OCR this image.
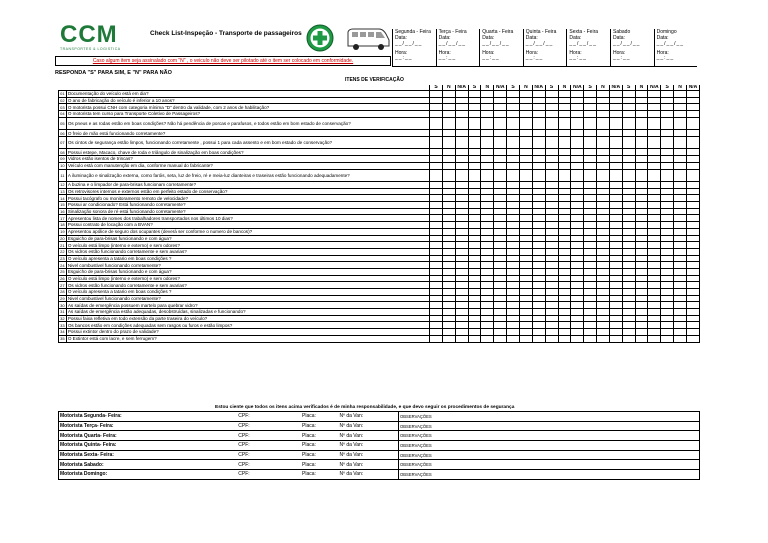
CCM
TRANSPORTES & LOGISTICA
Check List-Inspeção - Transporte de passageiros
Caso algum item seja assinalado com "N" , o veiculo não deve ser pilotado até o item ser colocado em conformidade.
Segunda - Feira
Data:
__/__/__
Hora:
__:__
Terça - Feira
Data:
__/__/__
Hora:
__:__
Quarta - Feira
Data:
__/__/__
Hora:
__:__
Quinta - Feira
Data:
__/__/__
Hora:
__:__
Sexta - Feira
Data:
__/__/__
Hora:
__:__
Sabado
Data:
__/__/__
Hora:
__:__
Domingo
Data:
__/__/__
Hora:
__:__
RESPONDA "S" PARA SIM, E "N" PARA NÃO
ITENS DE VERIFICAÇÃO
		S	N	N/A	S	N	N/A	S	N	N/A	S	N	N/A	S	N	N/A	S	N	N/A	S	N	N/A
01	Documentação do veículo está em dia?																					
02	O ano de fabricação do veículo é inferior a 10 anos?																					
03	O motorista possui CNH com categoria mínima "D" dentro da validade, com 2 anos de habilitação?																					
04	O motorista tem curso para Transporte Coletivo de Passageiros?																					
05	Os pneus e as rodas estão em boas condições? Não há pendência de porcas e parafusos, e todos estão em bom estado de conservação?																					
06	O freio de mão está funcionando corretamente?																					
07	Os cintos de segurança estão limpos, funcionando corretamente , possui 1 para cada assento e em bom estado de conservação?																					
08	Possui estepe, Macaco, chave de roda e triângulo de sinalização em boas condições?																					
09	Vidros estão isentos de trincas?																					
10	Veículo está com manutenção em dia, conforme manual do fabricante?																					
11	A iluminação e sinalização externa, como faróis, seta, luz de freio, ré e meia-luz dianteiras e traseiras estão funcionando adequadamente?																					
12	A buzina e o limpador de para-brisas funcionam corretamente?																					
13	Os retrovisores internos e externos estão em perfeito estado de conservação?																					
14	Possui tacógrafo ou monitoramento remoto de velocidade?																					
15	Possui ar condicionado? Está funcionando corretamente?																					
16	Sinalização sonora de ré está funcionando corretamente?																					
17	Apresentou lista de nomes dos trabalhadores transportados nos últimos 10 dias?																					
18	Possui contrato de locação com a BVAN?																					
19	Apresentou apólice de seguro dos ocupantes (deverá ser conforme o numero de bancos)?																					
20	Esguicho de para-brisas funcionando e com água?																					
21	O veículo está limpo (interno e externo) e sem odores?																					
22	Os vidros estão funcionando corretamente e sem avarias?																					
23	O veículo apresenta a tatario em boas condições ?																					
24	Nivel combustivel funcionando corretamente?																					
25	Esguicho de para-brisas funcionando e com água?																					
26	O veículo está limpo (interno e externo) e sem odores?																					
27	Os vidros estão funcionando corretamente e sem avarias?																					
28	O veículo apresenta a tatario em boas condições ?																					
29	Nivel combustivel funcionando corretamente?																					
30	As saídas de emergência possuem martelo para quebrar vidro?																					
31	As saídas de emergência estão adequadas, desobstruídas, sinalizadas e funcionando?																					
32	Possui faixa refletiva em todo extensão da parte traseira do veículo?																					
33	Os bancos estão em condições adequadas sem rasgos ou furos e estão limpos?																					
34	Possui extintor dentro do prazo de validade?																					
35	O Extintor está com lacre, e sem ferrugem?																					
Estou ciente que todos os itens acima verificados é de minha responsabilidade, e que devo seguir os procedimentos de segurança
Motorista Segunda- Feira:	CPF:	Placa:	Nº da Van:	OBSERVAÇÕES
Motorista Terça- Feira:	CPF:	Placa:	Nº da Van:	OBSERVAÇÕES
Motorista Quarta- Feira:	CPF:	Placa:	Nº da Van:	OBSERVAÇÕES
Motorista Quinta- Feira:	CPF:	Placa:	Nº da Van:	OBSERVAÇÕES
Motorista Sexta- Feira:	CPF:	Placa:	Nº da Van:	OBSERVAÇÕES
Motorista Sabado:	CPF:	Placa:	Nº da Van:	OBSERVAÇÕES
Motorista Domingo:	CPF:	Placa:	Nº da Van:	OBSERVAÇÕES
